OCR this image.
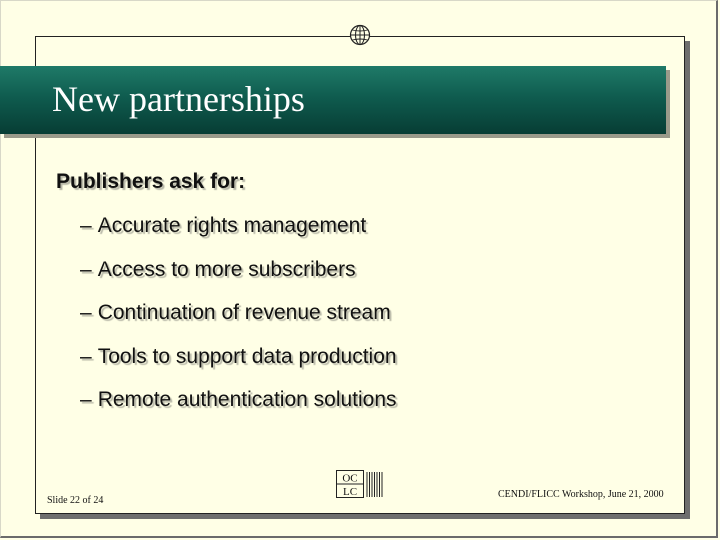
New partnerships
Publishers ask for:
– Accurate rights management
– Access to more subscribers
– Continuation of revenue stream
– Tools to support data production
– Remote authentication solutions
Slide 22 of 24
OC
LC	CENDI/FLICC Workshop, June 21, 2000
